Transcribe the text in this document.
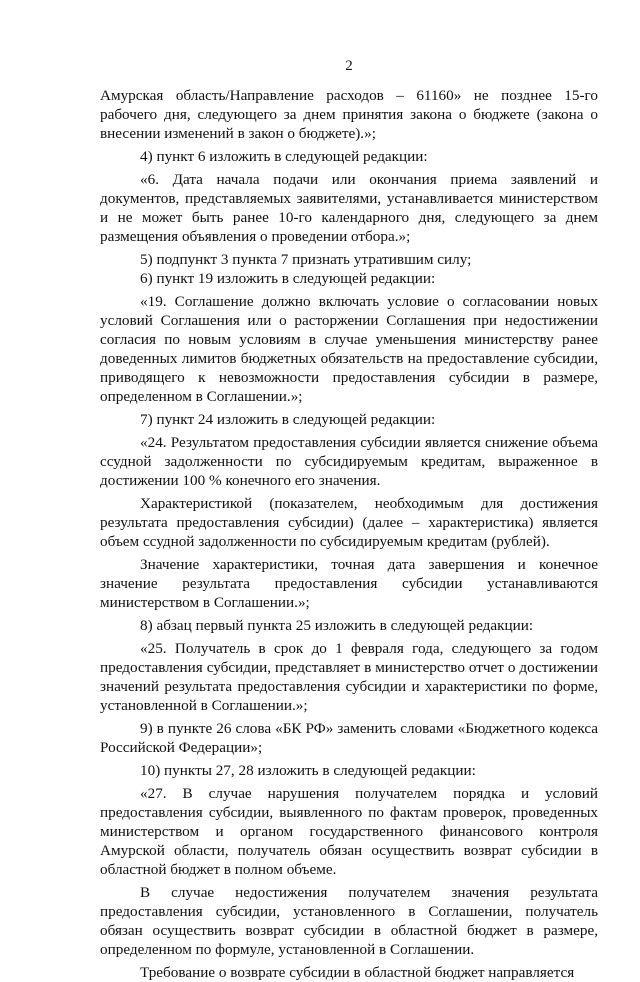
2

Амурская область/Направление расходов – 61160» не позднее 15-го рабочего дня, следующего за днем принятия закона о бюджете (закона о внесении изменений в закон о бюджете).»;

4) пункт 6 изложить в следующей редакции:

«6. Дата начала подачи или окончания приема заявлений и документов, представляемых заявителями, устанавливается министерством и не может быть ранее 10-го календарного дня, следующего за днем размещения объявления о проведении отбора.»;

5) подпункт 3 пункта 7 признать утратившим силу;

6) пункт 19 изложить в следующей редакции:

«19. Соглашение должно включать условие о согласовании новых условий Соглашения или о расторжении Соглашения при недостижении согласия по новым условиям в случае уменьшения министерству ранее доведенных лимитов бюджетных обязательств на предоставление субсидии, приводящего к невозможности предоставления субсидии в размере, определенном в Соглашении.»;

7) пункт 24 изложить в следующей редакции:

«24. Результатом предоставления субсидии является снижение объема ссудной задолженности по субсидируемым кредитам, выраженное в достижении 100 % конечного его значения.

Характеристикой (показателем, необходимым для достижения результата предоставления субсидии) (далее – характеристика) является объем ссудной задолженности по субсидируемым кредитам (рублей).

Значение характеристики, точная дата завершения и конечное значение результата предоставления субсидии устанавливаются министерством в Соглашении.»;

8) абзац первый пункта 25 изложить в следующей редакции:

«25. Получатель в срок до 1 февраля года, следующего за годом предоставления субсидии, представляет в министерство отчет о достижении значений результата предоставления субсидии и характеристики по форме, установленной в Соглашении.»;

9) в пункте 26 слова «БК РФ» заменить словами «Бюджетного кодекса Российской Федерации»;

10) пункты 27, 28 изложить в следующей редакции:

«27. В случае нарушения получателем порядка и условий предоставления субсидии, выявленного по фактам проверок, проведенных министерством и органом государственного финансового контроля Амурской области, получатель обязан осуществить возврат субсидии в областной бюджет в полном объеме.

В случае недостижения получателем значения результата предоставления субсидии, установленного в Соглашении, получатель обязан осуществить возврат субсидии в областной бюджет в размере, определенном по формуле, установленной в Соглашении.

Требование о возврате субсидии в областной бюджет направляется
